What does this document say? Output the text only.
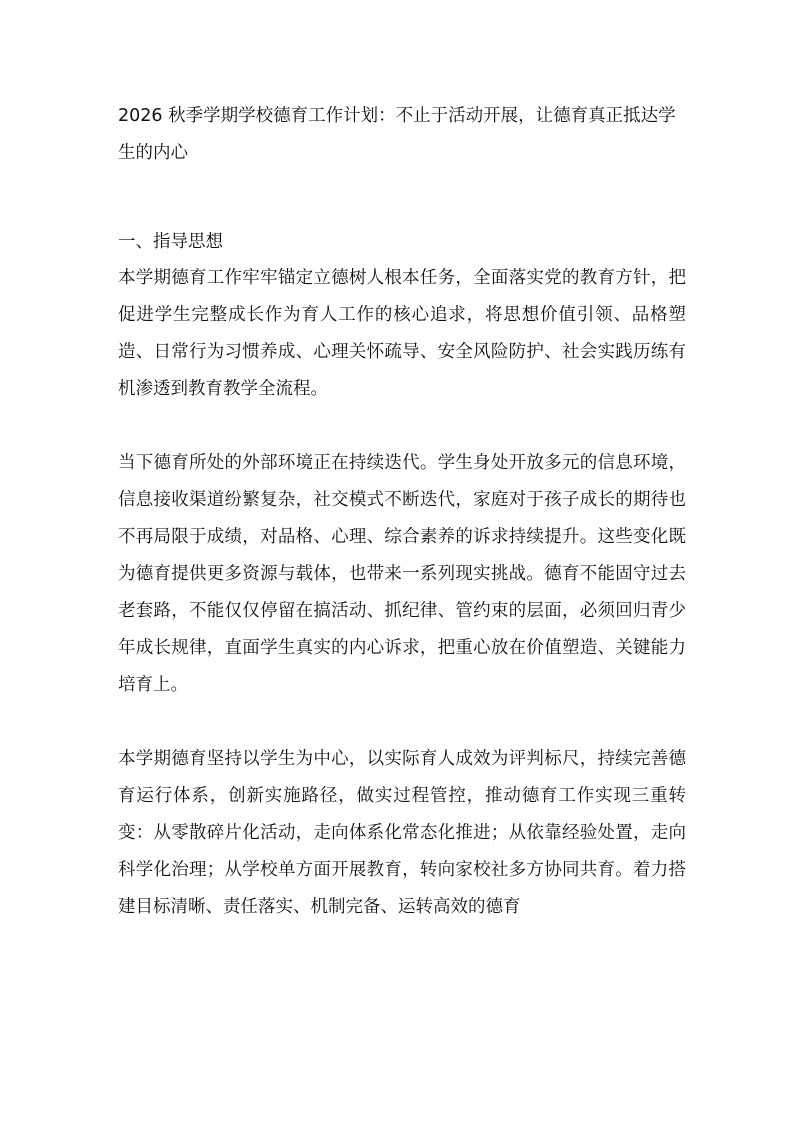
2026 秋季学期学校德育工作计划：不止于活动开展，让德育真正抵达学生的内心
一、指导思想

本学期德育工作牢牢锚定立德树人根本任务，全面落实党的教育方针，把促进学生完整成长作为育人工作的核心追求，将思想价值引领、品格塑造、日常行为习惯养成、心理关怀疏导、安全风险防护、社会实践历练有机渗透到教育教学全流程。

当下德育所处的外部环境正在持续迭代。学生身处开放多元的信息环境，信息接收渠道纷繁复杂，社交模式不断迭代，家庭对于孩子成长的期待也不再局限于成绩，对品格、心理、综合素养的诉求持续提升。这些变化既为德育提供更多资源与载体，也带来一系列现实挑战。德育不能固守过去老套路，不能仅仅停留在搞活动、抓纪律、管约束的层面，必须回归青少年成长规律，直面学生真实的内心诉求，把重心放在价值塑造、关键能力培育上。

本学期德育坚持以学生为中心，以实际育人成效为评判标尺，持续完善德育运行体系，创新实施路径，做实过程管控，推动德育工作实现三重转变：从零散碎片化活动，走向体系化常态化推进；从依靠经验处置，走向科学化治理；从学校单方面开展教育，转向家校社多方协同共育。着力搭建目标清晰、责任落实、机制完备、运转高效的德育
